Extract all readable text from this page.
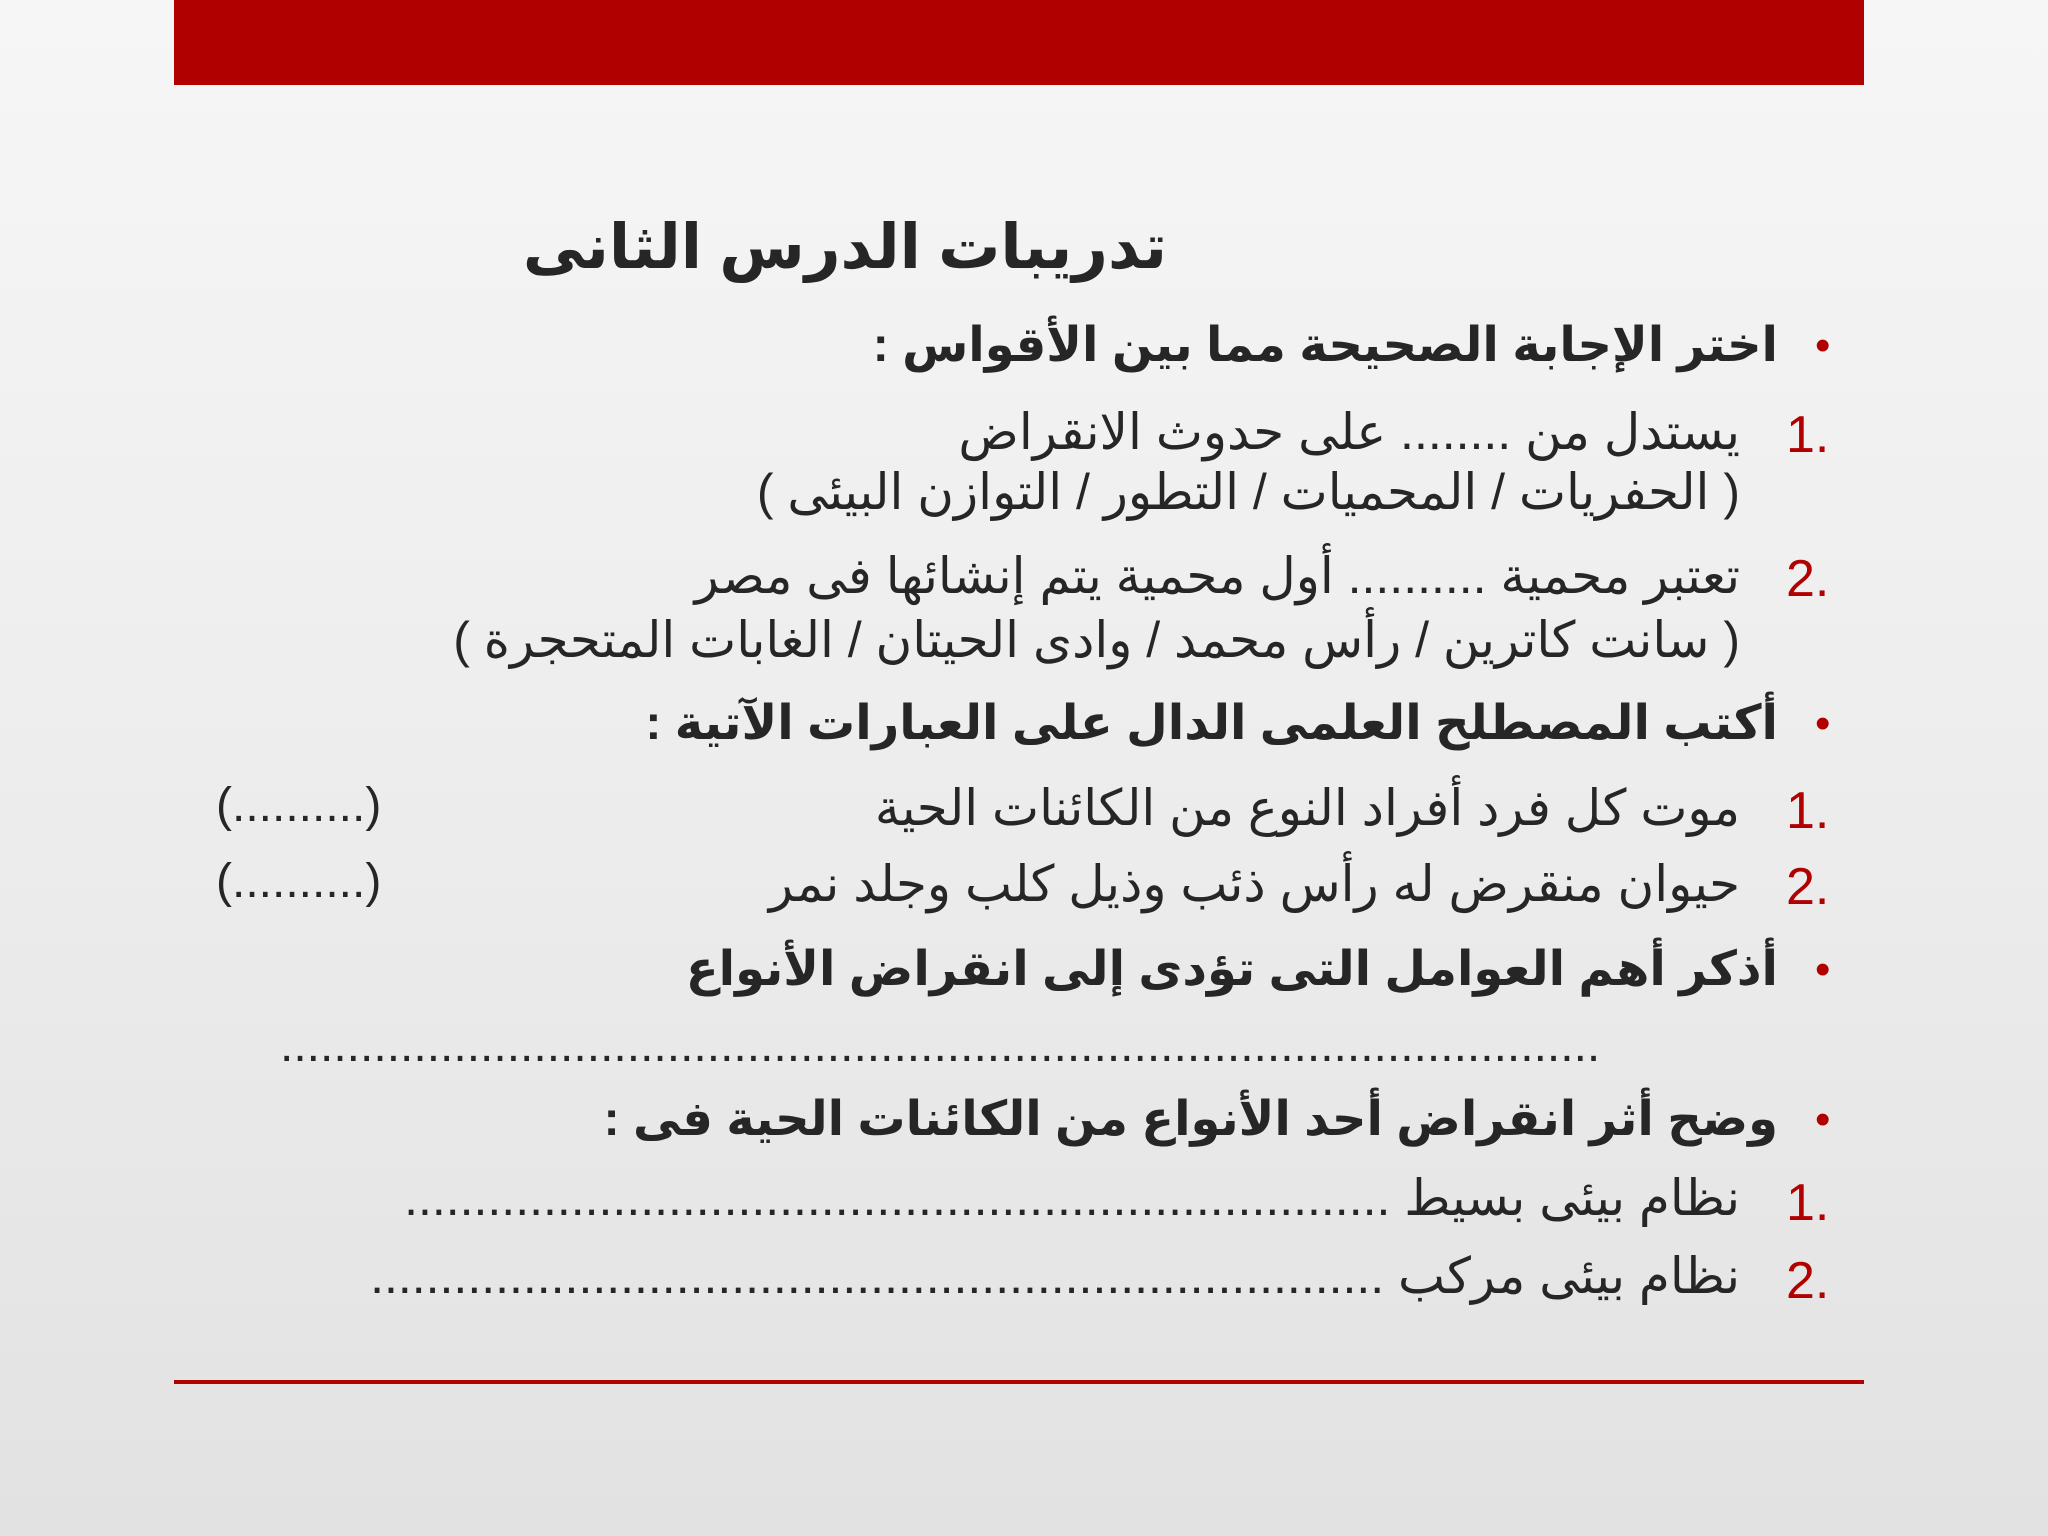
تدريبات الدرس الثانى
•
اختر الإجابة الصحيحة مما بين الأقواس :
1.
يستدل من ........ على حدوث الانقراض
( الحفريات / المحميات / التطور / التوازن البيئى )
2.
تعتبر محمية .......... أول محمية يتم إنشائها فى مصر
( سانت كاترين / رأس محمد / وادى الحيتان / الغابات المتحجرة )
•
أكتب المصطلح العلمى الدال على العبارات الآتية :
1.
موت كل فرد أفراد النوع من الكائنات الحية
(..........)
2.
حيوان منقرض له رأس ذئب وذيل كلب وجلد نمر
(..........)
•
أذكر أهم العوامل التى تؤدى إلى انقراض الأنواع
...................................................................................................
•
وضح أثر انقراض أحد الأنواع من الكائنات الحية فى :
1.
نظام بيئى بسيط .......................................................................
2.
نظام بيئى مركب .........................................................................
